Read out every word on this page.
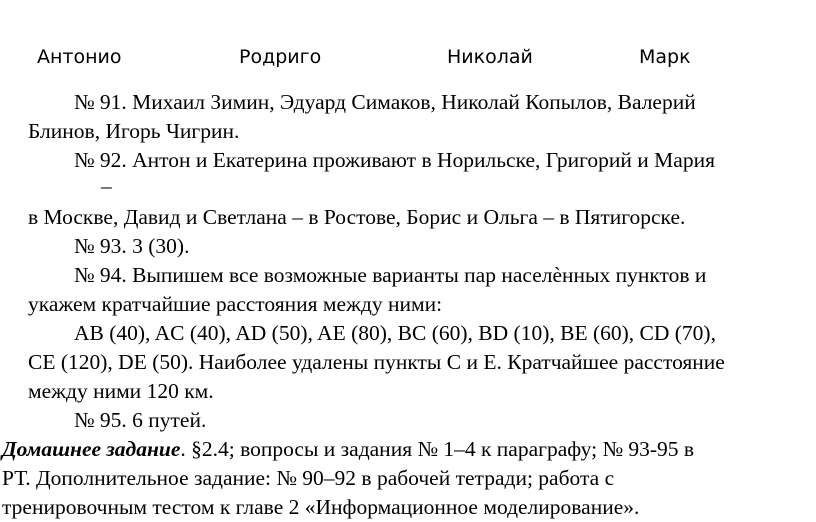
Антонио	Родриго	Николай	Марк
№ 91. Михаил Зимин, Эдуард Симаков, Николай Копылов, Валерий
Блинов, Игорь Чигрин.
№ 92. Антон и Екатерина проживают в Норильске, Григорий и Мария
в Москве, Давид и Светлана – в Ростове, Борис и Ольга – в Пятигорске.
№ 93. 3 (30).
№ 94. Выпишем все возможные варианты пар населѐнных пунктов и
укажем кратчайшие расстояния между ними:
AB (40), AC (40), AD (50), AE (80), BC (60), BD (10), BE (60), CD (70),
CE (120), DE (50). Наиболее удалены пункты С и Е. Кратчайшее расстояние
между ними 120 км.
№ 95. 6 путей.
Домашнее задание. §2.4; вопросы и задания № 1–4 к параграфу; № 93-95 в
РТ. Дополнительное задание: № 90–92 в рабочей тетради; работа с
тренировочным тестом к главе 2 «Информационное моделирование».
–
